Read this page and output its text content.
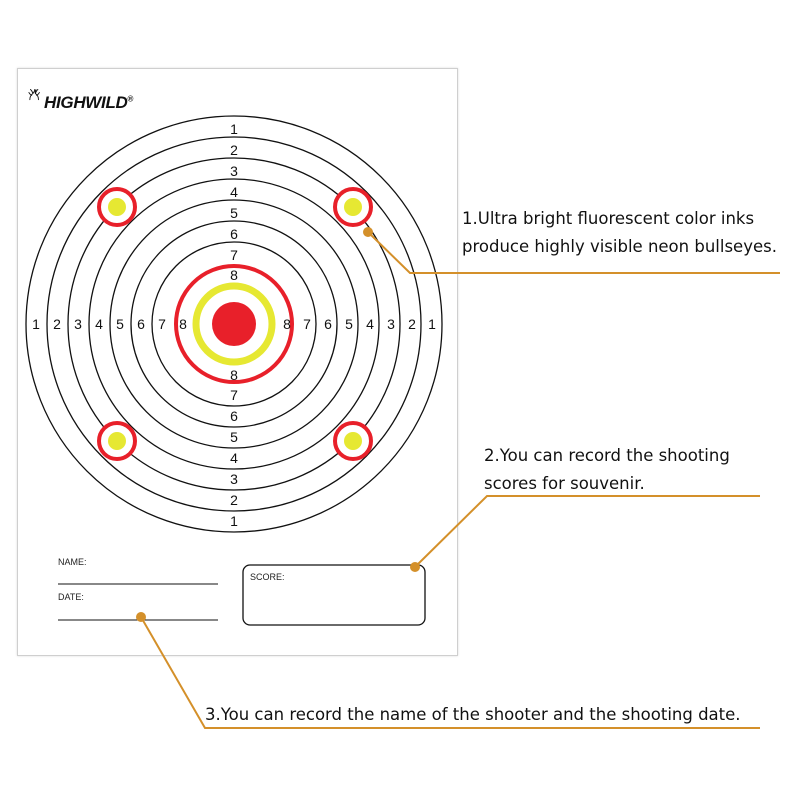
HIGHWILD®
1
2
3
4
5
6
7
8
8
7
6
5
4
3
2
1
1 2 3 4 5 6 7 8	8 7 6 5 4 3 2 1
NAME:
DATE:
SCORE:
1.Ultra bright fluorescent color inks
produce highly visible neon bullseyes.
2.You can record the shooting
scores for souvenir.
3.You can record the name of the shooter and the shooting date.
